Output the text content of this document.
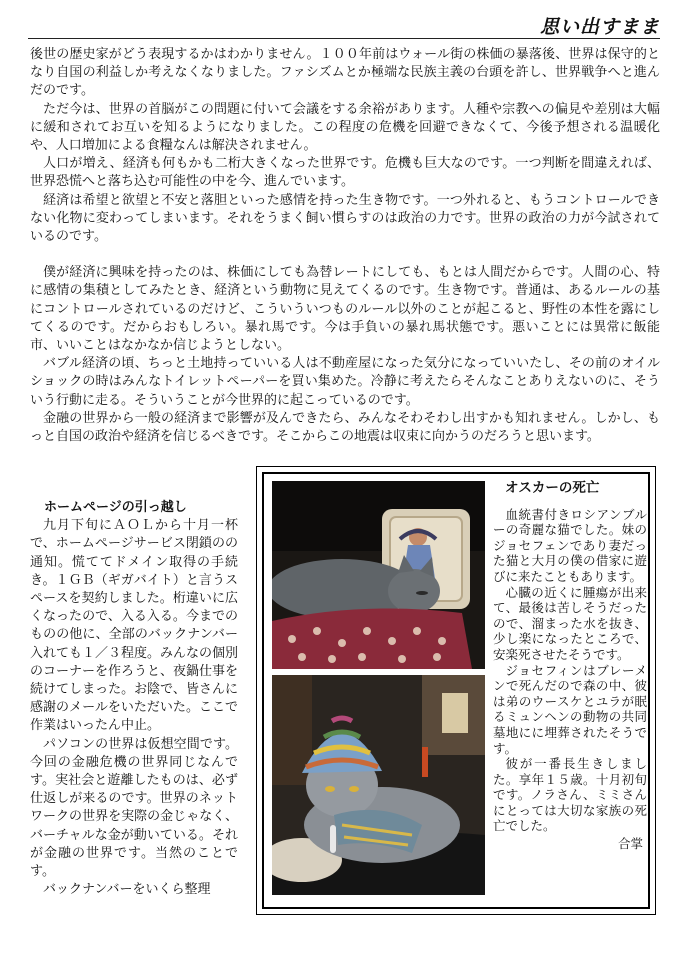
思い出すまま

後世の歴史家がどう表現するかはわかりません。１００年前はウォール街の株価の暴落後、世界は保守的となり自国の利益しか考えなくなりました。ファシズムとか極端な民族主義の台頭を許し、世界戦争へと進んだのです。

ただ今は、世界の首脳がこの問題に付いて会議をする余裕があります。人種や宗教への偏見や差別は大幅に緩和されてお互いを知るようになりました。この程度の危機を回避できなくて、今後予想される温暖化や、人口増加による食糧なんは解決されません。

人口が増え、経済も何もかも二桁大きくなった世界です。危機も巨大なのです。一つ判断を間違えれば、世界恐慌へと落ち込む可能性の中を今、進んでいます。

経済は希望と欲望と不安と落胆といった感情を持った生き物です。一つ外れると、もうコントロールできない化物に変わってしまいます。それをうまく飼い慣らすのは政治の力です。世界の政治の力が今試されているのです。

僕が経済に興味を持ったのは、株価にしても為替レートにしても、もとは人間だからです。人間の心、特に感情の集積としてみたとき、経済という動物に見えてくるのです。生き物です。普通は、あるルールの基にコントロールされているのだけど、こういういつものルール以外のことが起こると、野性の本性を露にしてくるのです。だからおもしろい。暴れ馬です。今は手負いの暴れ馬状態です。悪いことには異常に飯能市、いいことはなかなか信じようとしない。

バブル経済の頃、ちっと土地持っていいる人は不動産屋になった気分になっていいたし、その前のオイルショックの時はみんなトイレットペーパーを買い集めた。冷静に考えたらそんなことありえないのに、そういう行動に走る。そういうことが今世界的に起こっているのです。

金融の世界から一般の経済まで影響が及んできたら、みんなそわそわし出すかも知れません。しかし、もっと自国の政治や経済を信じるべきです。そこからこの地震は収束に向かうのだろうと思います。

ホームページの引っ越し

九月下旬にＡＯＬから十月一杯で、ホームページサービス閉鎖のの通知。慌ててドメイン取得の手続き。１ＧＢ（ギガバイト）と言うスペースを契約しました。桁違いに広くなったので、入る入る。今までのものの他に、全部のバックナンバー入れても１／３程度。みんなの個別のコーナーを作ろうと、夜鍋仕事を続けてしまった。お陰で、皆さんに感謝のメールをいただいた。ここで作業はいったん中止。

パソコンの世界は仮想空間です。今回の金融危機の世界同じなんです。実社会と遊離したものは、必ず仕返しが来るのです。世界のネットワークの世界を実際の金じゃなく、バーチャルな金が動いている。それが金融の世界です。当然のことです。

バックナンバーをいくら整理

オスカーの死亡

血統書付きロシアンブルーの奇麗な猫でした。妹のジョセフェンであり妻だった猫と大月の僕の借家に遊びに来たこともあります。

心臓の近くに腫瘍が出来て、最後は苦しそうだったので、溜まった水を抜き、少し楽になったところで、安楽死させたそうです。

ジョセフィンはブレーメンで死んだので森の中、彼は弟のウースケとユラが眠るミュンヘンの動物の共同墓地にに埋葬されたそうです。

彼が一番長生きしました。享年１５歳。十月初旬です。ノラさん、ミミさんにとっては大切な家族の死亡でした。

合掌
